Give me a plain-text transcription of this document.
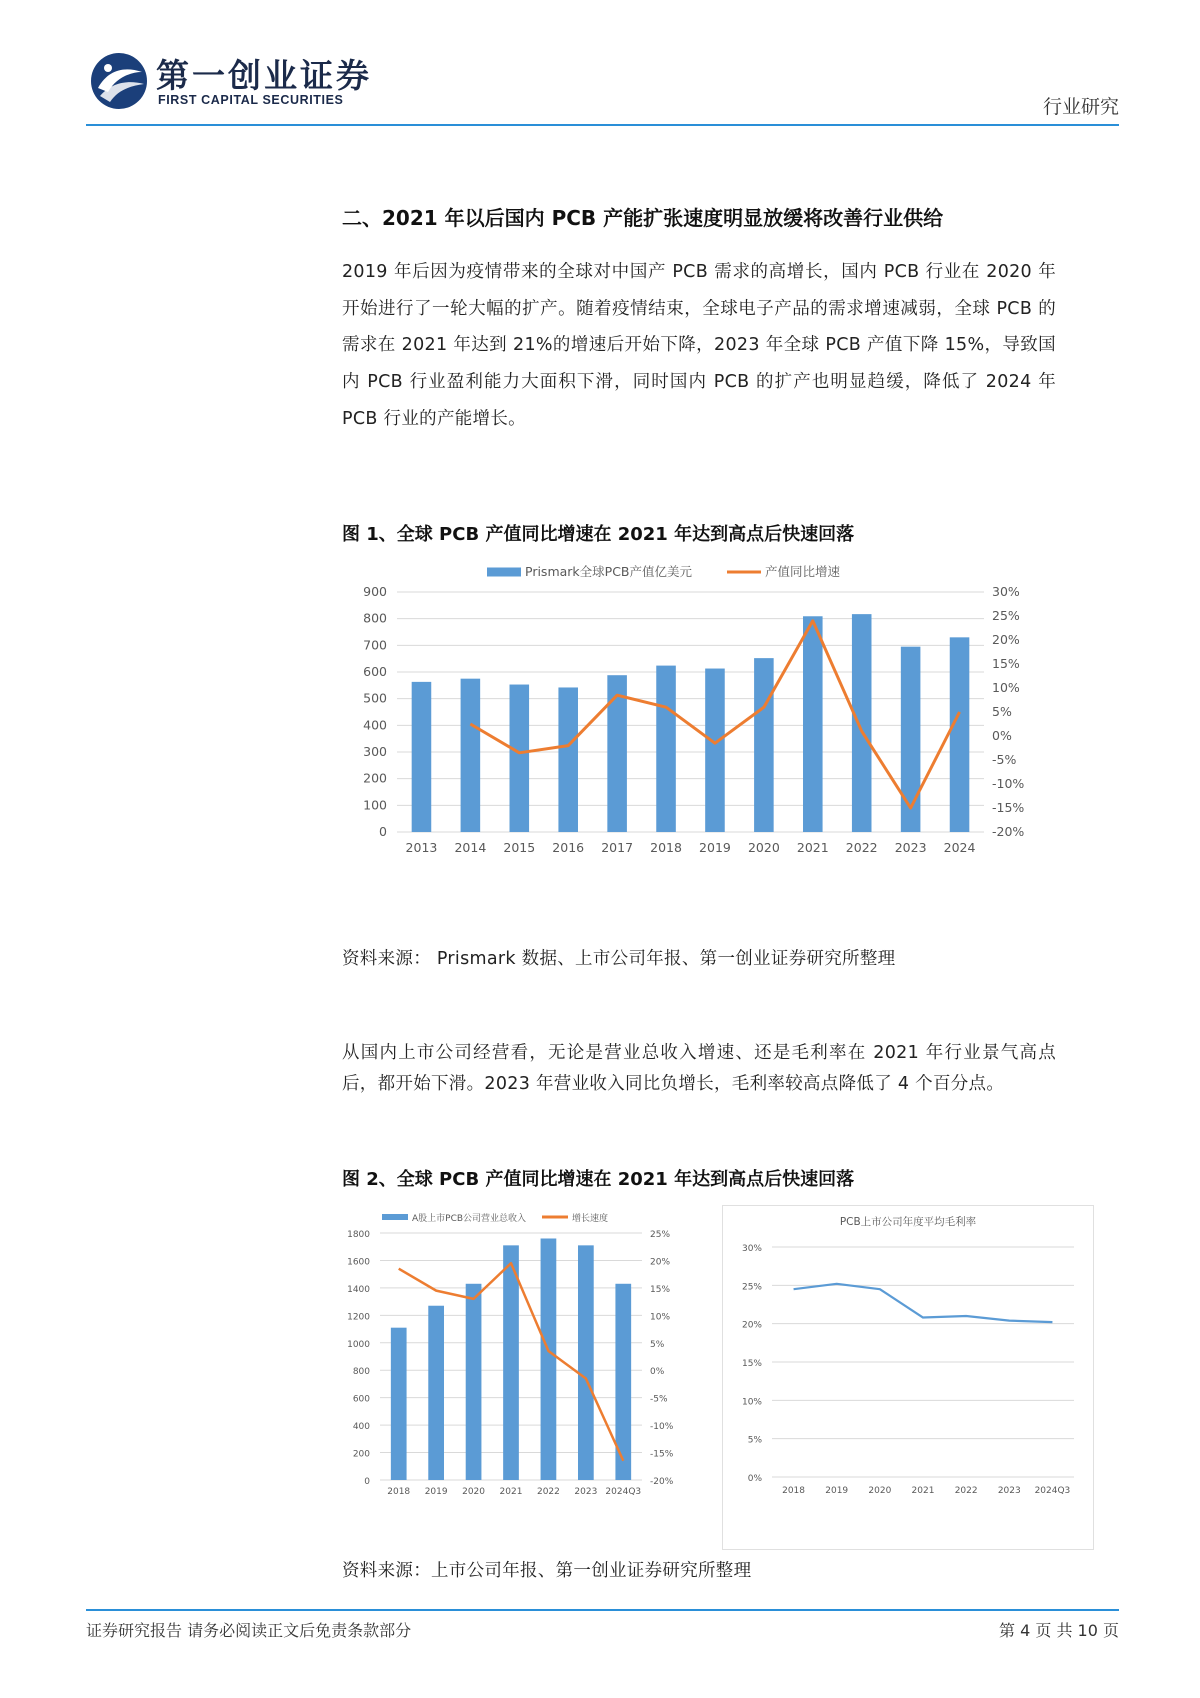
第一创业证券
FIRST CAPITAL SECURITIES	行业研究
二、2021 年以后国内 PCB 产能扩张速度明显放缓将改善行业供给
2019 年后因为疫情带来的全球对中国产 PCB 需求的高增长，国内 PCB 行业在 2020 年开始进行了一轮大幅的扩产。随着疫情结束，全球电子产品的需求增速减弱，全球 PCB 的需求在 2021 年达到 21%的增速后开始下降，2023 年全球 PCB 产值下降 15%，导致国内 PCB 行业盈利能力大面积下滑，同时国内 PCB 的扩产也明显趋缓，降低了 2024 年 PCB 行业的产能增长。
图 1、全球 PCB 产值同比增速在 2021 年达到高点后快速回落
0
100
200
300
400
500
600
700
800
900
-20%
-15%
-10%
-5%
0%
5%
10%
15%
20%
25%
30%
2013 2014 2015 2016 2017 2018 2019 2020 2021 2022 2023 2024
Prismark全球PCB产值亿美元	产值同比增速
资料来源： Prismark 数据、上市公司年报、第一创业证券研究所整理
从国内上市公司经营看，无论是营业总收入增速、还是毛利率在 2021 年行业景气高点后，都开始下滑。2023 年营业收入同比负增长，毛利率较高点降低了 4 个百分点。
图 2、全球 PCB 产值同比增速在 2021 年达到高点后快速回落
0
200
400
600
800
1000
1200
1400
1600
1800
-20%
-15%
-10%
-5%
0%
5%
10%
15%
20%
25%
2018 2019 2020 2021 2022 2023 2024Q3
A股上市PCB公司营业总收入	增长速度	PCB上市公司年度平均毛利率
0%
5%
10%
15%
20%
25%
30%
2018 2019 2020 2021 2022 2023 2024Q3
资料来源：上市公司年报、第一创业证券研究所整理
证券研究报告 请务必阅读正文后免责条款部分	第 4 页 共 10 页
